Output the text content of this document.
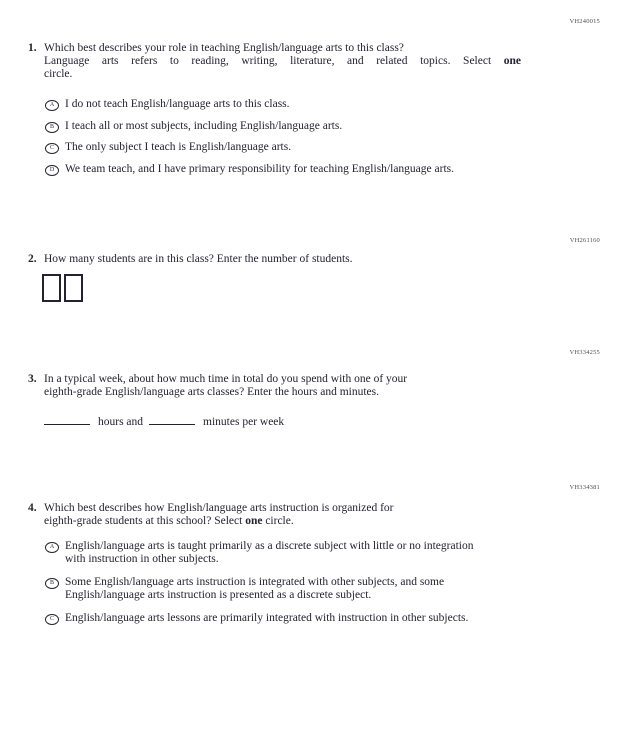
VH240015
1. Which best describes your role in teaching English/language arts to this class?
Language arts refers to reading, writing, literature, and related topics. Select one
circle.
A I do not teach English/language arts to this class.
B I teach all or most subjects, including English/language arts.
C The only subject I teach is English/language arts.
D We team teach, and I have primary responsibility for teaching English/language arts.
VH261160
2. How many students are in this class? Enter the number of students.
VH334255
3. In a typical week, about how much time in total do you spend with one of your
eighth-grade English/language arts classes? Enter the hours and minutes.
hours and	minutes per week
VH334381
4. Which best describes how English/language arts instruction is organized for
eighth-grade students at this school? Select one circle.
A English/language arts is taught primarily as a discrete subject with little or no integration
with instruction in other subjects.
B Some English/language arts instruction is integrated with other subjects, and some
English/language arts instruction is presented as a discrete subject.
C English/language arts lessons are primarily integrated with instruction in other subjects.
